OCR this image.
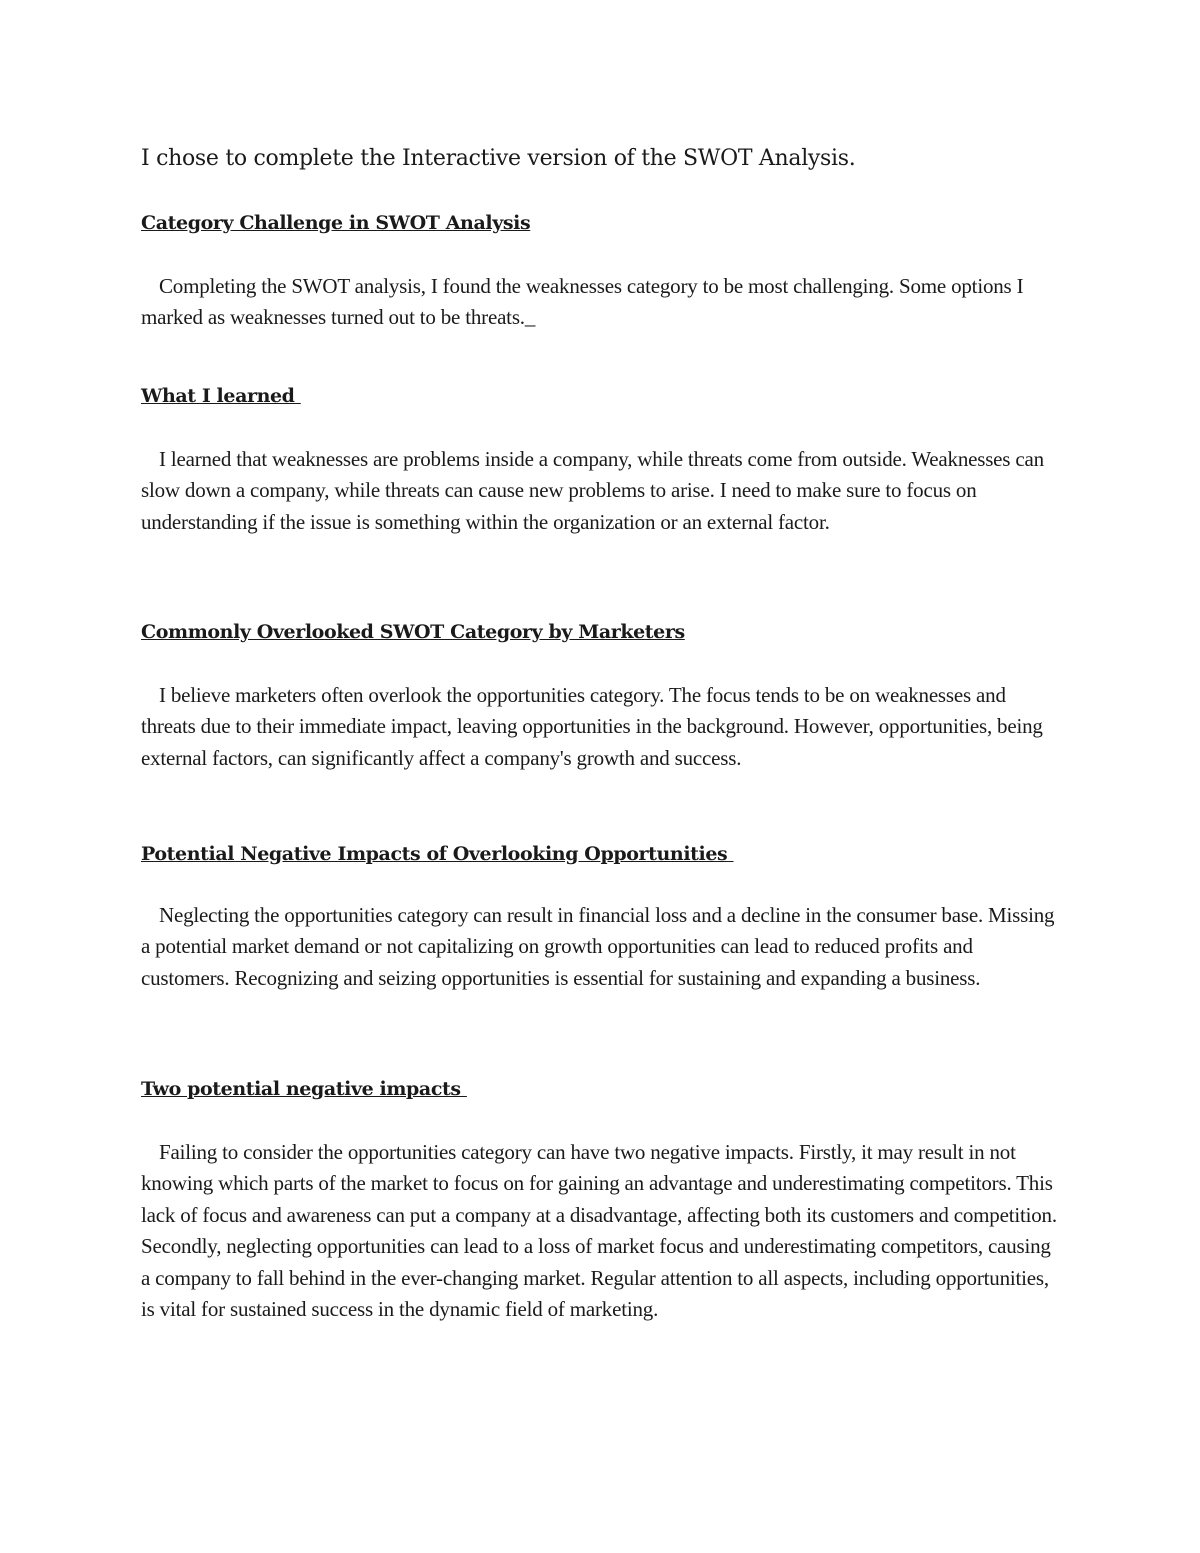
I chose to complete the Interactive version of the SWOT Analysis.
Category Challenge in SWOT Analysis

Completing the SWOT analysis, I found the weaknesses category to be most challenging. Some options I marked as weaknesses turned out to be threats._

What I learned

I learned that weaknesses are problems inside a company, while threats come from outside. Weaknesses can slow down a company, while threats can cause new problems to arise. I need to make sure to focus on understanding if the issue is something within the organization or an external factor.

Commonly Overlooked SWOT Category by Marketers

I believe marketers often overlook the opportunities category. The focus tends to be on weaknesses and threats due to their immediate impact, leaving opportunities in the background. However, opportunities, being external factors, can significantly affect a company's growth and success.

Potential Negative Impacts of Overlooking Opportunities

Neglecting the opportunities category can result in financial loss and a decline in the consumer base. Missing a potential market demand or not capitalizing on growth opportunities can lead to reduced profits and customers. Recognizing and seizing opportunities is essential for sustaining and expanding a business.

Two potential negative impacts

Failing to consider the opportunities category can have two negative impacts. Firstly, it may result in not knowing which parts of the market to focus on for gaining an advantage and underestimating competitors. This lack of focus and awareness can put a company at a disadvantage, affecting both its customers and competition. Secondly, neglecting opportunities can lead to a loss of market focus and underestimating competitors, causing a company to fall behind in the ever-changing market. Regular attention to all aspects, including opportunities, is vital for sustained success in the dynamic field of marketing.
